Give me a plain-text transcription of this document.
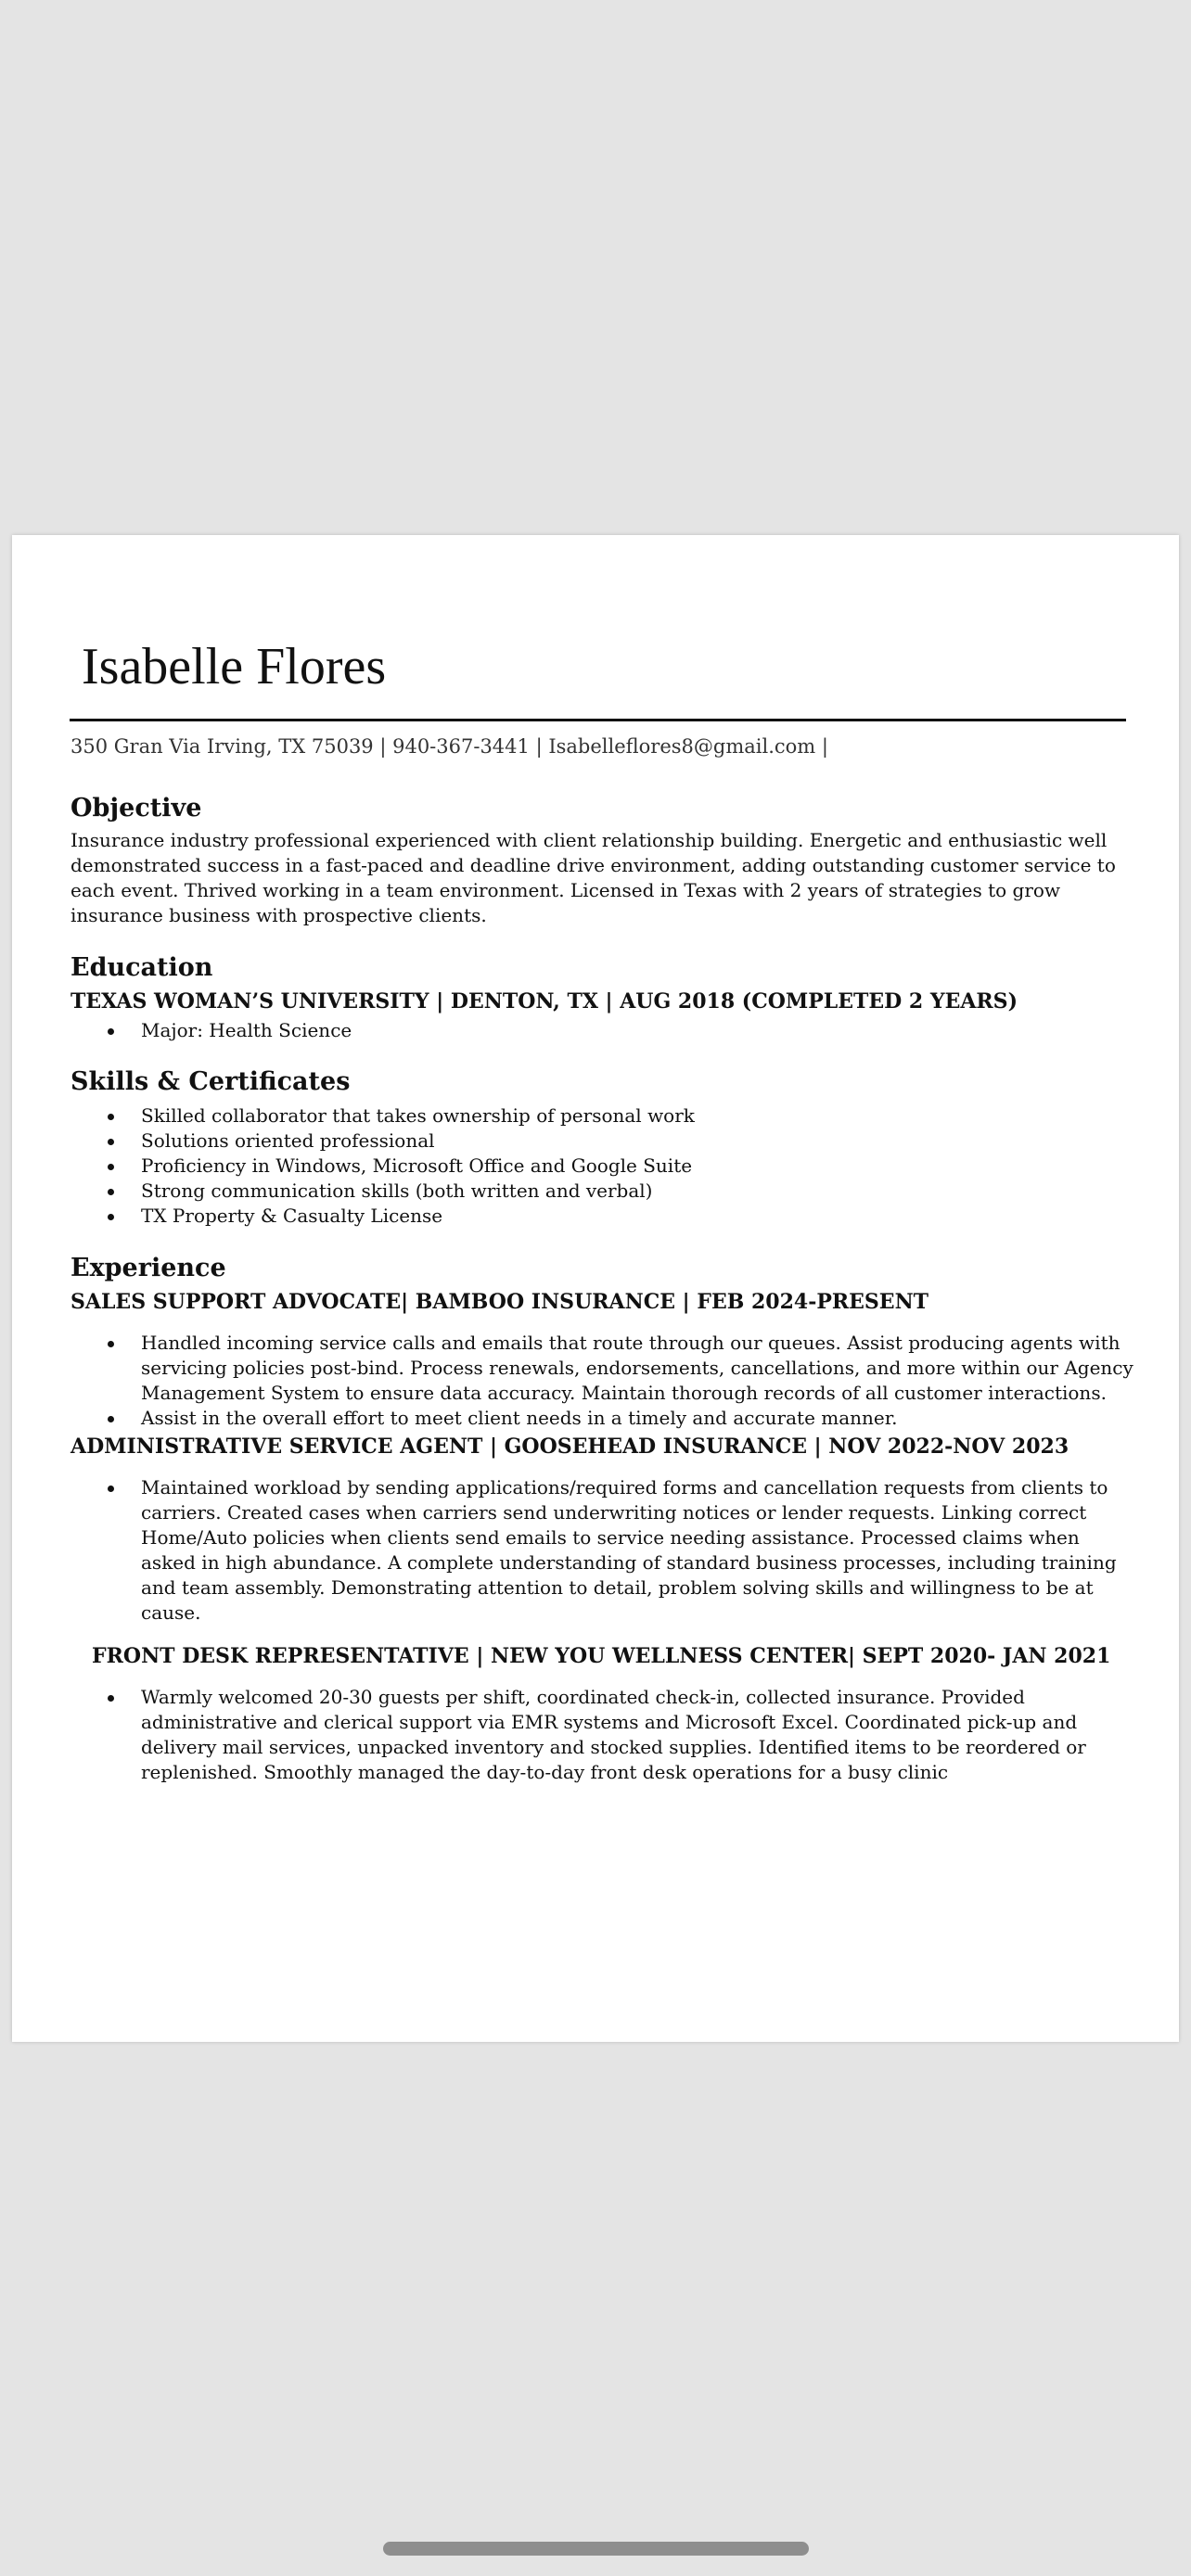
Isabelle Flores
350 Gran Via Irving, TX 75039 | 940-367-3441 | Isabelleflores8@gmail.com |
Objective

Insurance industry professional experienced with client relationship building. Energetic and enthusiastic well demonstrated success in a fast-paced and deadline drive environment, adding outstanding customer service to each event. Thrived working in a team environment. Licensed in Texas with 2 years of strategies to grow insurance business with prospective clients.

Education
TEXAS WOMAN’S UNIVERSITY | DENTON, TX | AUG 2018 (COMPLETED 2 YEARS)
Major: Health Science
Skills & Certificates
Skilled collaborator that takes ownership of personal work
Solutions oriented professional
Proficiency in Windows, Microsoft Office and Google Suite
Strong communication skills (both written and verbal)
TX Property & Casualty License
Experience
SALES SUPPORT ADVOCATE| BAMBOO INSURANCE | FEB 2024-PRESENT
Handled incoming service calls and emails that route through our queues. Assist producing agents with servicing policies post-bind. Process renewals, endorsements, cancellations, and more within our Agency Management System to ensure data accuracy. Maintain thorough records of all customer interactions.
Assist in the overall effort to meet client needs in a timely and accurate manner.
ADMINISTRATIVE SERVICE AGENT | GOOSEHEAD INSURANCE | NOV 2022-NOV 2023
Maintained workload by sending applications/required forms and cancellation requests from clients to carriers. Created cases when carriers send underwriting notices or lender requests. Linking correct Home/Auto policies when clients send emails to service needing assistance. Processed claims when asked in high abundance. A complete understanding of standard business processes, including training and team assembly. Demonstrating attention to detail, problem solving skills and willingness to be at cause.
FRONT DESK REPRESENTATIVE | NEW YOU WELLNESS CENTER| SEPT 2020- JAN 2021
Warmly welcomed 20-30 guests per shift, coordinated check-in, collected insurance. Provided administrative and clerical support via EMR systems and Microsoft Excel. Coordinated pick-up and delivery mail services, unpacked inventory and stocked supplies. Identified items to be reordered or replenished. Smoothly managed the day-to-day front desk operations for a busy clinic
